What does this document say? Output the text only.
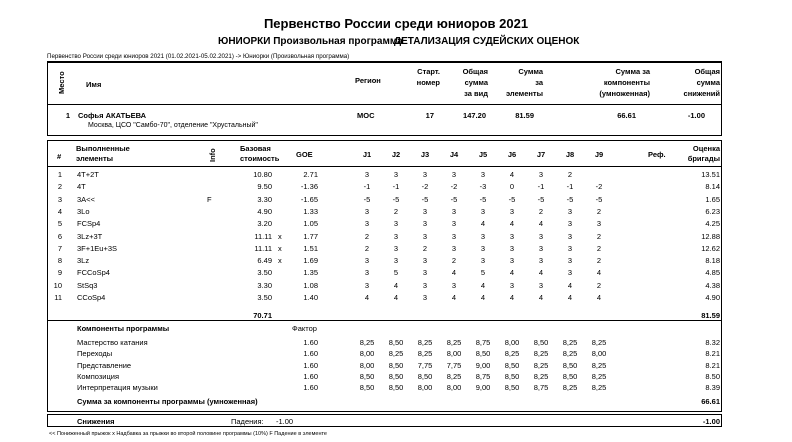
Первенство России среди юниоров 2021
ЮНИОРКИ Произвольная программа
ДЕТАЛИЗАЦИЯ СУДЕЙСКИХ ОЦЕНОК
Первенство России среди юниоров 2021 (01.02.2021-05.02.2021) -> Юниорки (Произвольная программа)
Место	Имя	Регион
Старт.
номер
Общая
сумма
за вид
Сумма
за
элементы
Сумма за
компоненты
(умноженная)
Общая
сумма
снижений
1 Софья АКАТЬЕВА
Москва, ЦСО "Самбо-70", отделение "Хрустальный"
МОС	17	147.20	81.59	66.61	-1.00
#
Выполненные
элементы	Info	Базовая
стоимость GOE	J1	J2	J3	J4	J5	J6	J7	J8	J9	Реф.
Оценка
бригады
1 4T+2T	10.80	2.71	3	3	3	3	3	4	3	2	13.51
2 4T	9.50	-1.36	-1	-1	-2	-2	-3	0	-1	-1	-2	8.14
3 3A<<	F	3.30	-1.65	-5	-5	-5	-5	-5	-5	-5	-5	-5	1.65
4 3Lo	4.90	1.33	3	2	3	3	3	3	2	3	2	6.23
5 FCSp4	3.20	1.05	3	3	3	3	4	4	4	3	3	4.25
6 3Lz+3T	11.11 x	1.77	2	3	3	3	3	3	3	3	2	12.88
7 3F+1Eu+3S	11.11 x	1.51	2	3	2	3	3	3	3	3	2	12.62
8 3Lz	6.49 x	1.69	3	3	3	2	3	3	3	3	2	8.18
9 FCCoSp4	3.50	1.35	3	5	3	4	5	4	4	3	4	4.85
10 StSq3	3.30	1.08	3	4	3	3	4	3	3	4	2	4.38
11 CCoSp4	3.50	1.40	4	4	3	4	4	4	4	4	4	4.90
70.71	81.59
Компоненты программы	Фактор
Мастерство катания	1.60	8,25	8,50	8,25	8,25	8,75	8,00	8,50	8,25	8,25	8.32
Переходы	1.60	8,00	8,25	8,25	8,00	8,50	8,25	8,25	8,25	8,00	8.21
Представление	1.60	8,00	8,50	7,75	7,75	9,00	8,50	8,25	8,50	8,25	8.21
Композиция	1.60	8,50	8,50	8,50	8,25	8,75	8,50	8,25	8,50	8,25	8.50
Интерпретация музыки	1.60	8,50	8,50	8,00	8,00	9,00	8,50	8,75	8,25	8,25	8.39
Сумма за компоненты программы (умноженная)	66.61
Снижения	Падения: -1.00	-1.00
<< Пониженный прыжок x Надбавка за прыжки во второй половине программы (10%) F Падение в элементе
